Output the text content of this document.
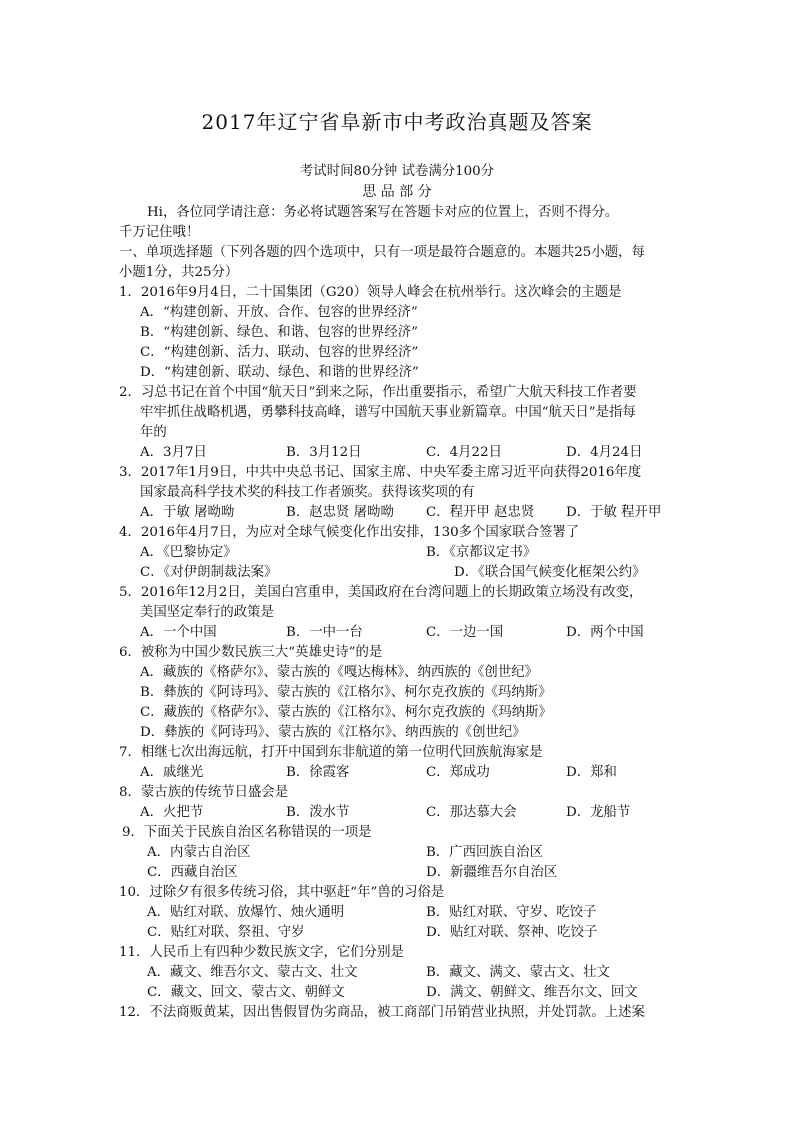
2017年辽宁省阜新市中考政治真题及答案
考试时间80分钟 试卷满分100分
思 品 部 分
Hi，各位同学请注意：务必将试题答案写在答题卡对应的位置上，否则不得分。
千万记住哦！
一、单项选择题（下列各题的四个选项中，只有一项是最符合题意的。本题共25小题，每
小题1分，共25分）
1．2016年9月4日，二十国集团（G20）领导人峰会在杭州举行。这次峰会的主题是
A．“构建创新、开放、合作、包容的世界经济”
B．“构建创新、绿色、和谐、包容的世界经济”
C．“构建创新、活力、联动、包容的世界经济”
D．“构建创新、联动、绿色、和谐的世界经济”
2．习总书记在首个中国“航天日”到来之际，作出重要指示，希望广大航天科技工作者要
牢牢抓住战略机遇，勇攀科技高峰，谱写中国航天事业新篇章。中国“航天日”是指每
年的
A．3月7日	B．3月12日	C．4月22日	D．4月24日
3．2017年1月9日，中共中央总书记、国家主席、中央军委主席习近平向获得2016年度
国家最高科学技术奖的科技工作者颁奖。获得该奖项的有
A．于敏 屠呦呦	B．赵忠贤 屠呦呦 C．程开甲 赵忠贤 D．于敏 程开甲
4．2016年4月7日，为应对全球气候变化作出安排，130多个国家联合签署了
A．《巴黎协定》	B．《京都议定书》
C．《对伊朗制裁法案》	D．《联合国气候变化框架公约》
5．2016年12月2日，美国白宫重申，美国政府在台湾问题上的长期政策立场没有改变，
美国坚定奉行的政策是
A．一个中国	B．一中一台	C．一边一国	D．两个中国
6．被称为中国少数民族三大“英雄史诗”的是
A．藏族的《格萨尔》、蒙古族的《嘎达梅林》、纳西族的《创世纪》
B．彝族的《阿诗玛》、蒙古族的《江格尔》、柯尔克孜族的《玛纳斯》
C．藏族的《格萨尔》、蒙古族的《江格尔》、柯尔克孜族的《玛纳斯》
D．彝族的《阿诗玛》、蒙古族的《江格尔》、纳西族的《创世纪》
7．相继七次出海远航，打开中国到东非航道的第一位明代回族航海家是
A．戚继光	B．徐霞客	C．郑成功	D．郑和
8．蒙古族的传统节日盛会是
A．火把节	B．泼水节	C．那达慕大会	D．龙船节
9．下面关于民族自治区名称错误的一项是
A．内蒙古自治区	B．广西回族自治区
C．西藏自治区	D．新疆维吾尔自治区
10．过除夕有很多传统习俗，其中驱赶“年”兽的习俗是
A．贴红对联、放爆竹、烛火通明	B．贴红对联、守岁、吃饺子
C．贴红对联、祭祖、守岁	D．贴红对联、祭神、吃饺子
11．人民币上有四种少数民族文字，它们分别是
A．藏文、维吾尔文、蒙古文、壮文	B．藏文、满文、蒙古文、壮文
C．藏文、回文、蒙古文、朝鲜文	D．满文、朝鲜文、维吾尔文、回文
12．不法商贩黄某，因出售假冒伪劣商品，被工商部门吊销营业执照，并处罚款。上述案
